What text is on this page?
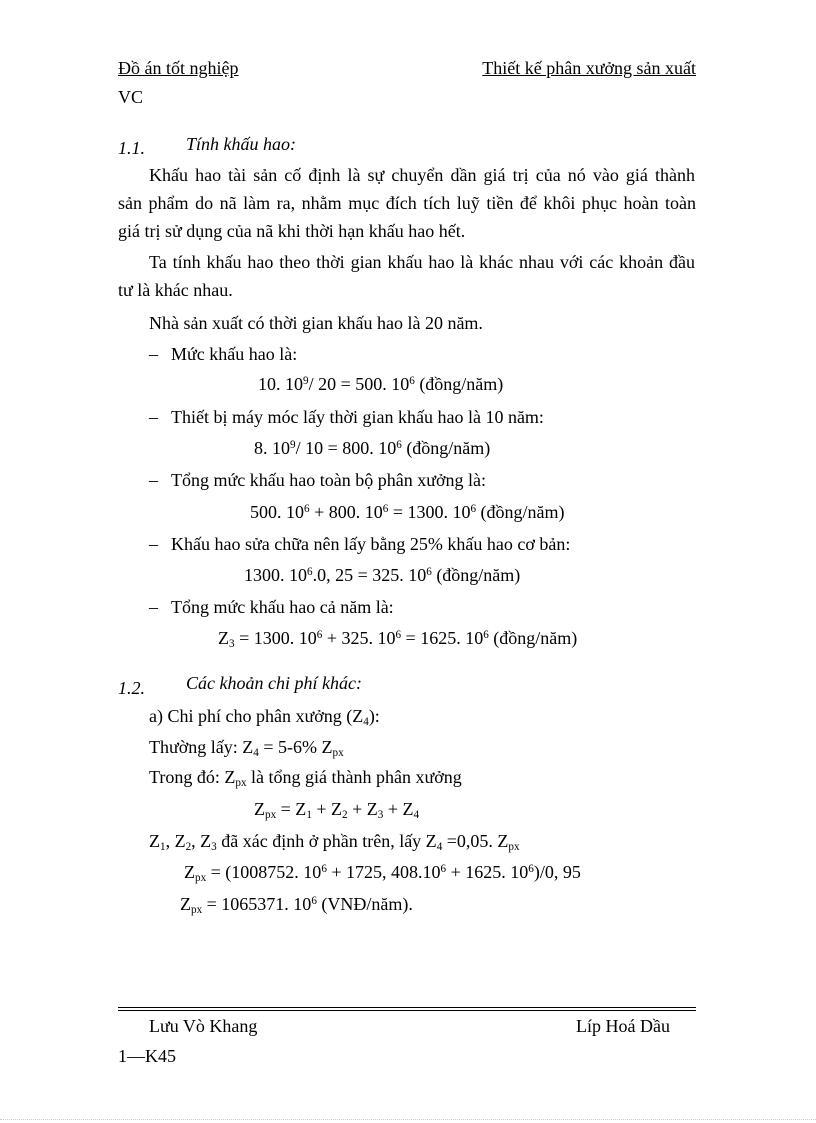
Đồ án tốt nghiệp	Thiết kế phân xưởng sản xuất
VC
1.1. Tính khấu hao:
Khấu hao tài sản cố định là sự chuyển dần giá trị của nó vào giá thành
sản phẩm do nã làm ra, nhằm mục đích tích luỹ tiền để khôi phục hoàn toàn
giá trị sử dụng của nã khi thời hạn khấu hao hết.
Ta tính khấu hao theo thời gian khấu hao là khác nhau với các khoản đầu
tư là khác nhau.
Nhà sản xuất có thời gian khấu hao là 20 năm.
– Mức khấu hao là:
10. $10^9/$ 20 = 500. $10^6$ (đồng/năm)
– Thiết bị máy móc lấy thời gian khấu hao là 10 năm:
8. $10^9/$ 10 = 800. $10^6$ (đồng/năm)
– Tổng mức khấu hao toàn bộ phân xưởng là:
500. $10^6 + 800$. $10^6 = 1300$. $10^6$ (đồng/năm)
– Khấu hao sửa chữa nên lấy bằng 25% khấu hao cơ bản:
1300. $10^6.0$, 25 = 325. $10^6$ (đồng/năm)
– Tổng mức khấu hao cả năm là:
$Z_3 = 1300$. $10^6 + 325$. $10^6 = 1625$. $10^6$ (đồng/năm)
1.2. Các khoản chi phí khác:
a) Chi phí cho phân xưởng $(Z_4)$:
Thường lấy: $Z_4 = 5-6\%$ $Z_{px}$
Trong đó: $Z_{px}$ là tổng giá thành phân xưởng
$Z_{px} = Z_1 + Z_2 + Z_3 + Z_4$
$Z_1$, $Z_2$, $Z_3$ đã xác định ở phần trên, lấy $Z_4 =0,05$. $Z_{px}$
$Z_{px} = (1008752$. $10^6 + 1725$, $408.10^6 + 1625$. $10^6)/0$, 95
$Z_{px} = 1065371$. $10^6$ (VNĐ/năm).
Lưu Vò Khang	Líp Hoá Dầu
1—K45
